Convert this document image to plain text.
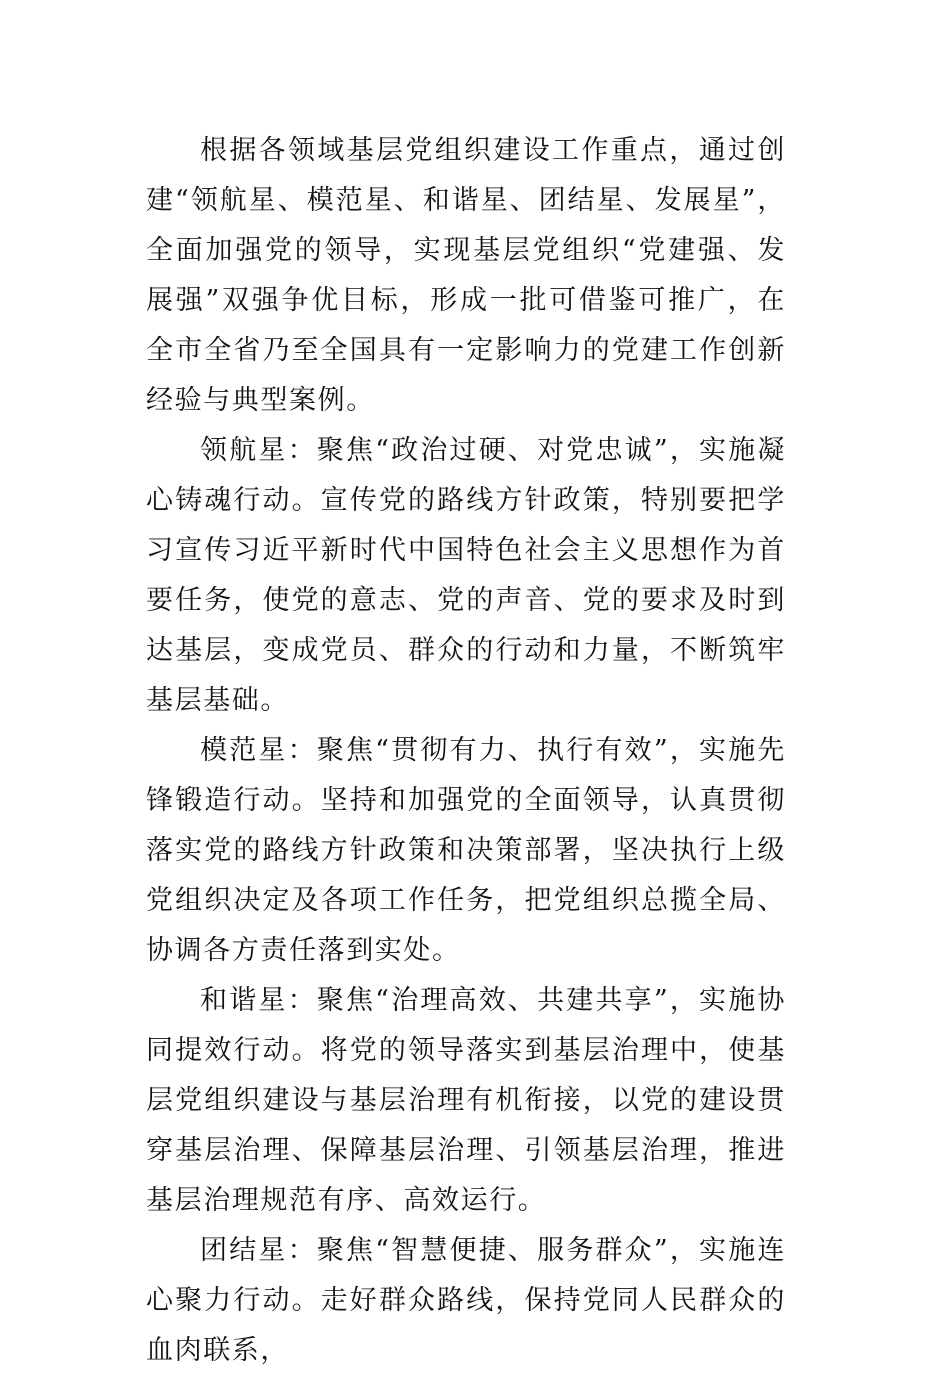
根据各领域基层党组织建设工作重点，通过创建“领航星、模范星、和谐星、团结星、发展星”，全面加强党的领导，实现基层党组织“党建强、发展强”双强争优目标，形成一批可借鉴可推广，在全市全省乃至全国具有一定影响力的党建工作创新经验与典型案例。

领航星：聚焦“政治过硬、对党忠诚”，实施凝心铸魂行动。宣传党的路线方针政策，特别要把学习宣传习近平新时代中国特色社会主义思想作为首要任务，使党的意志、党的声音、党的要求及时到达基层，变成党员、群众的行动和力量，不断筑牢基层基础。

模范星：聚焦“贯彻有力、执行有效”，实施先锋锻造行动。坚持和加强党的全面领导，认真贯彻落实党的路线方针政策和决策部署，坚决执行上级党组织决定及各项工作任务，把党组织总揽全局、协调各方责任落到实处。

和谐星：聚焦“治理高效、共建共享”，实施协同提效行动。将党的领导落实到基层治理中，使基层党组织建设与基层治理有机衔接，以党的建设贯穿基层治理、保障基层治理、引领基层治理，推进基层治理规范有序、高效运行。

团结星：聚焦“智慧便捷、服务群众”，实施连心聚力行动。走好群众路线，保持党同人民群众的血肉联系，
